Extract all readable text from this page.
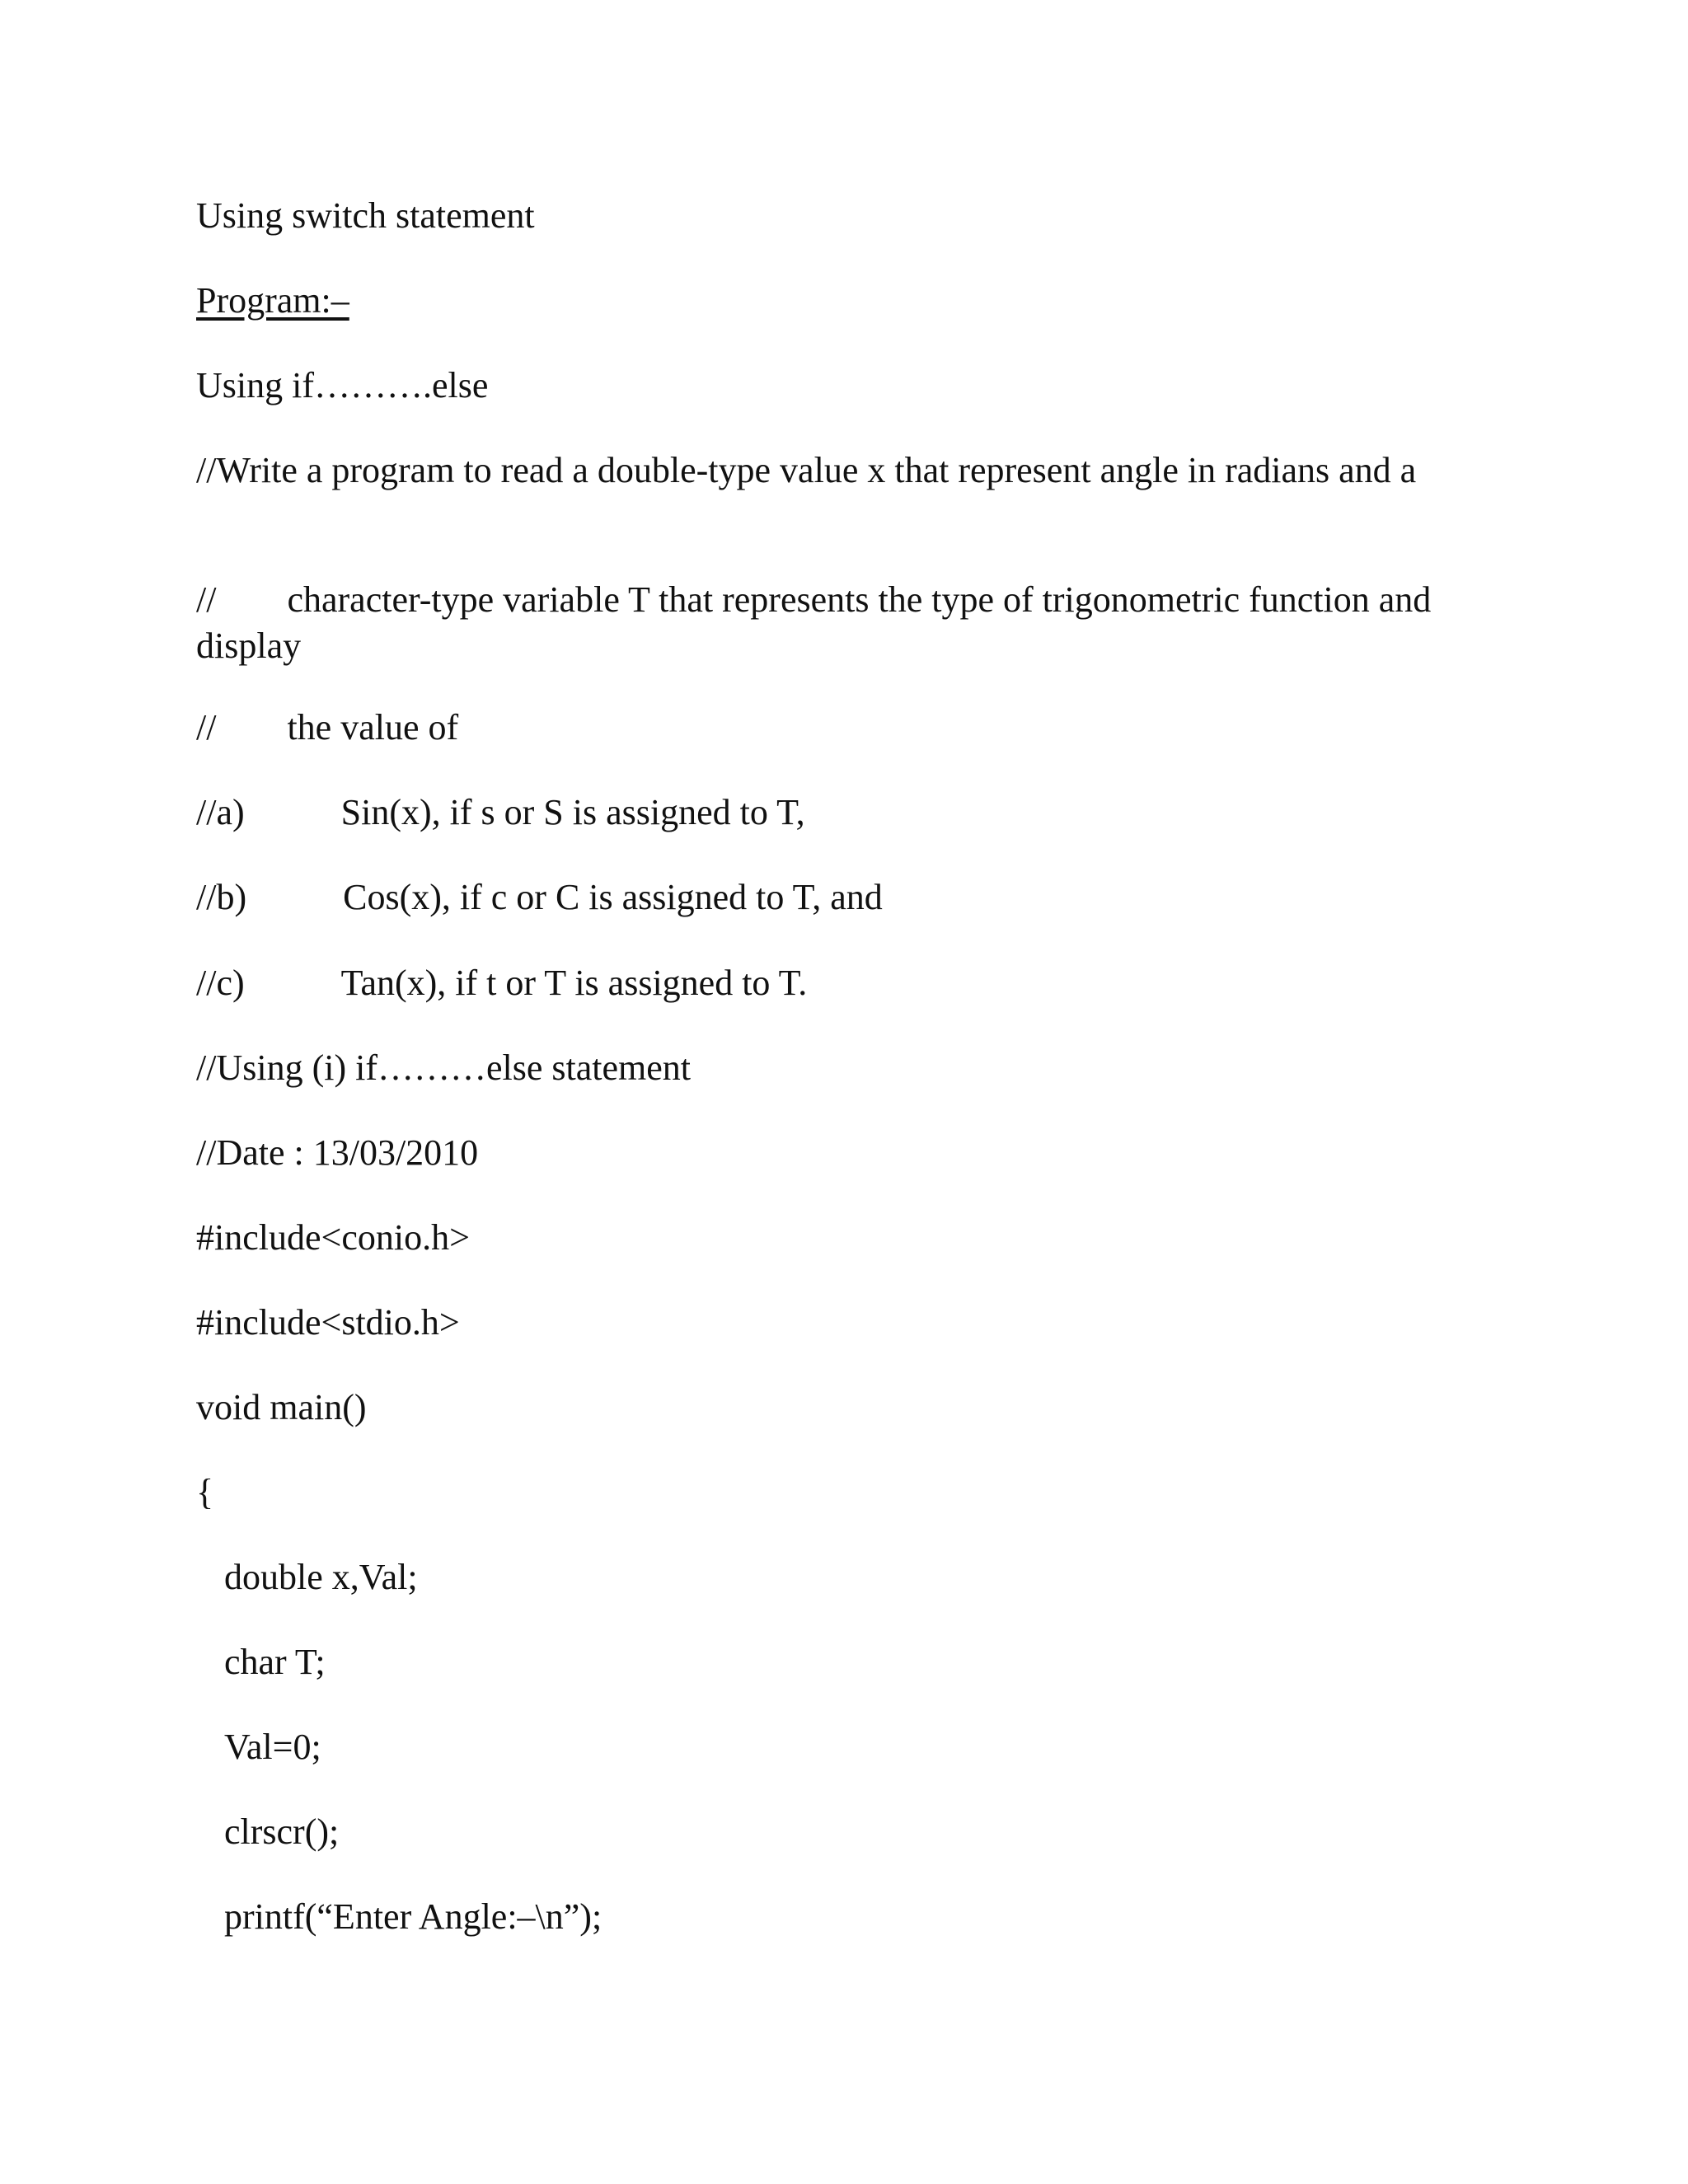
Using switch statement
Program:–
Using if……….else
//Write a program to read a double-type value x that represent angle in radians and a
// character-type variable T that represents the type of trigonometric function and display
// the value of
//a)	Sin(x), if s or S is assigned to T,
//b)	Cos(x), if c or C is assigned to T, and
//c)	Tan(x), if t or T is assigned to T.
//Using (i) if………else statement
//Date : 13/03/2010
#include<conio.h>
#include<stdio.h>
void main()
{
double x,Val;
char T;
Val=0;
clrscr();
printf(“Enter Angle:–\n”);
